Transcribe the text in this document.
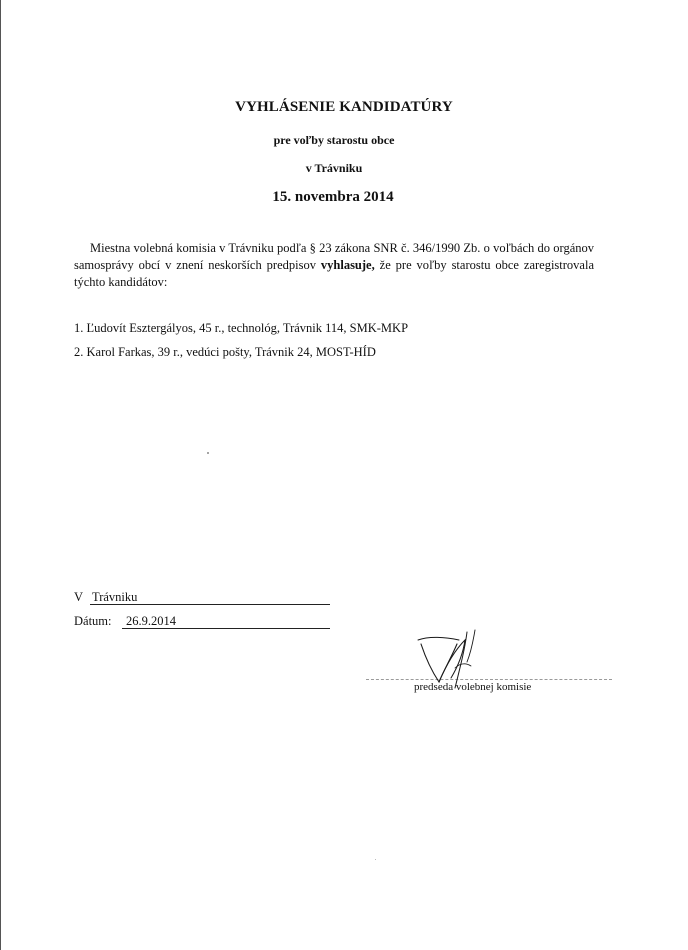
VYHLÁSENIE KANDIDATÚRY
pre voľby starostu obce
v Trávniku
15. novembra 2014
Miestna volebná komisia v Trávniku podľa § 23 zákona SNR č. 346/1990 Zb. o voľbách do orgánov samosprávy obcí v znení neskorších predpisov vyhlasuje, že pre voľby starostu obce zaregistrovala týchto kandidátov:
1. Ľudovít Esztergályos, 45 r., technológ, Trávnik 114, SMK-MKP
2. Karol Farkas, 39 r., vedúci pošty, Trávnik 24, MOST-HÍD
V Trávniku
Dátum: 26.9.2014
predseda volebnej komisie
